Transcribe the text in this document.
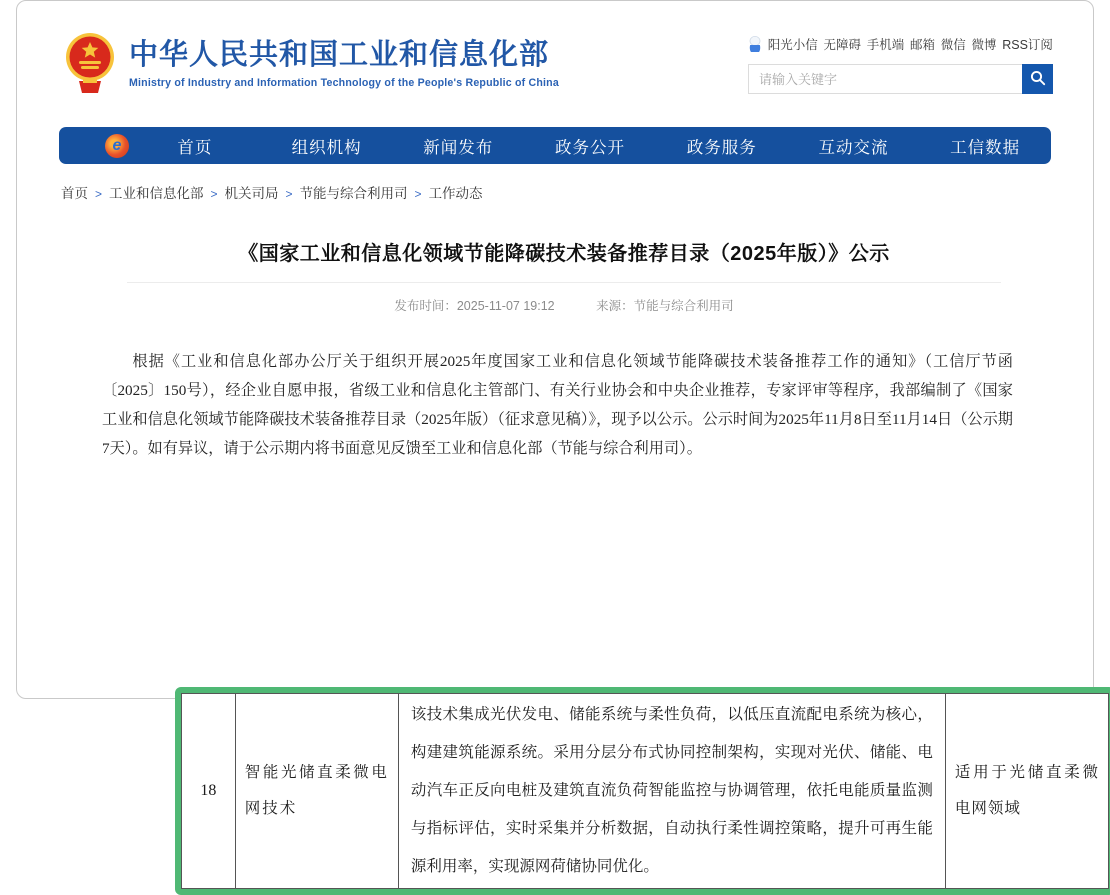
中华人民共和国工业和信息化部
Ministry of Industry and Information Technology of the People's Republic of China
阳光小信 无障碍 手机端 邮箱 微信 微博 RSS订阅
请输入关键字
e	首页	组织机构	新闻发布	政务公开	政务服务	互动交流	工信数据
首页 > 工业和信息化部 > 机关司局 > 节能与综合利用司 > 工作动态
《国家工业和信息化领域节能降碳技术装备推荐目录（2025年版）》公示
发布时间：2025-11-07 19:12	来源：节能与综合利用司

根据《工业和信息化部办公厅关于组织开展2025年度国家工业和信息化领域节能降碳技术装备推荐工作的通知》（工信厅节函〔2025〕150号），经企业自愿申报，省级工业和信息化主管部门、有关行业协会和中央企业推荐，专家评审等程序，我部编制了《国家工业和信息化领域节能降碳技术装备推荐目录（2025年版）（征求意见稿）》，现予以公示。公示时间为2025年11月8日至11月14日（公示期7天）。如有异议，请于公示期内将书面意见反馈至工业和信息化部（节能与综合利用司）。

18	智能光储直柔微电网技术	该技术集成光伏发电、储能系统与柔性负荷，以低压直流配电系统为核心，构建建筑能源系统。采用分层分布式协同控制架构，实现对光伏、储能、电动汽车正反向电桩及建筑直流负荷智能监控与协调管理，依托电能质量监测与指标评估，实时采集并分析数据，自动执行柔性调控策略，提升可再生能源利用率，实现源网荷储协同优化。	适用于光储直柔微电网领域
